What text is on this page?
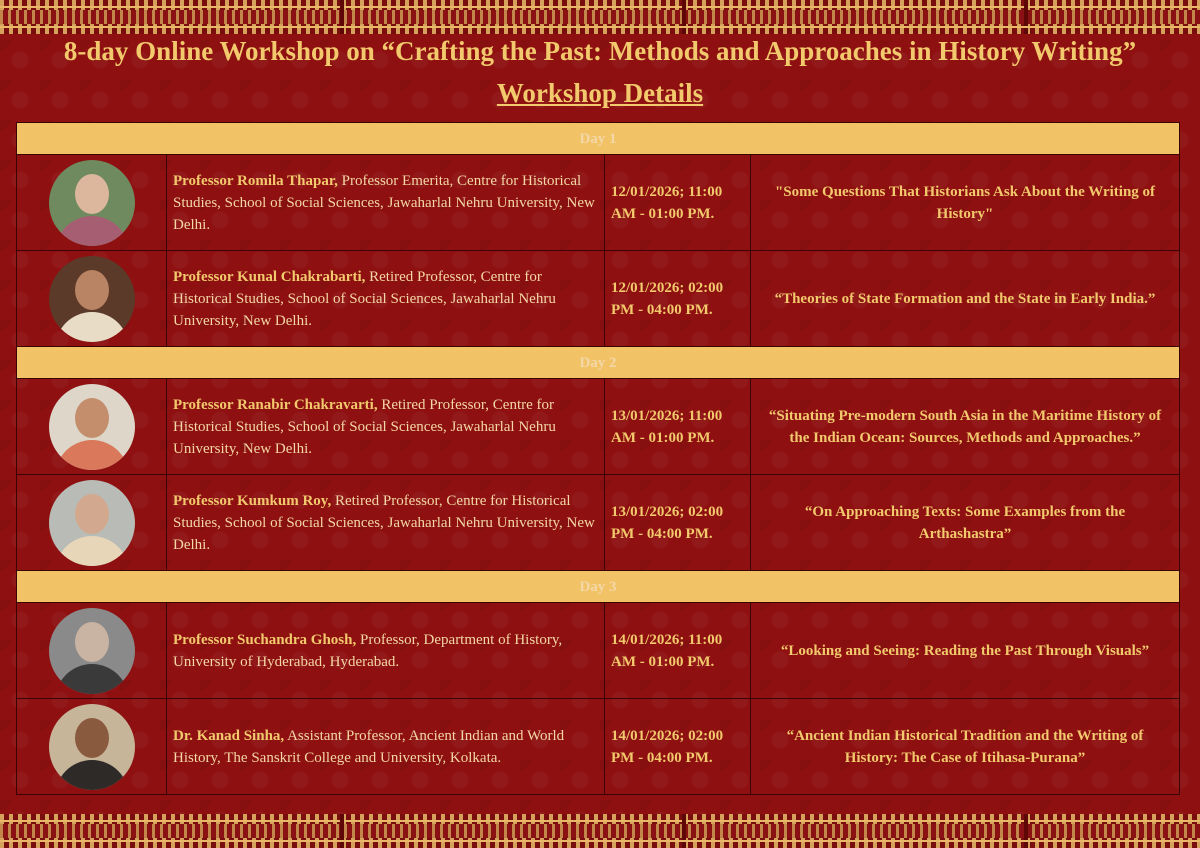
8-day Online Workshop on “Crafting the Past: Methods and Approaches in History Writing”
Workshop Details
Day 1			

	Professor Romila Thapar, Professor Emerita, Centre for Historical Studies, School of Social Sciences, Jawaharlal Nehru University, New Delhi.	12/01/2026; 11:00 AM - 01:00 PM.	"Some Questions That Historians Ask About the Writing of History"

	Professor Kunal Chakrabarti, Retired Professor, Centre for Historical Studies, School of Social Sciences, Jawaharlal Nehru University, New Delhi.	12/01/2026; 02:00 PM - 04:00 PM.	“Theories of State Formation and the State in Early India.”
Day 2			

	Professor Ranabir Chakravarti, Retired Professor, Centre for Historical Studies, School of Social Sciences, Jawaharlal Nehru University, New Delhi.	13/01/2026; 11:00 AM - 01:00 PM.	“Situating Pre-modern South Asia in the Maritime History of the Indian Ocean: Sources, Methods and Approaches.”

	Professor Kumkum Roy, Retired Professor, Centre for Historical Studies, School of Social Sciences, Jawaharlal Nehru University, New Delhi.	13/01/2026; 02:00 PM - 04:00 PM.	“On Approaching Texts: Some Examples from the Arthashastra”
Day 3			

	Professor Suchandra Ghosh, Professor, Department of History, University of Hyderabad, Hyderabad.	14/01/2026; 11:00 AM - 01:00 PM.	“Looking and Seeing: Reading the Past Through Visuals”

	Dr. Kanad Sinha, Assistant Professor, Ancient Indian and World History, The Sanskrit College and University, Kolkata.	14/01/2026; 02:00 PM - 04:00 PM.	“Ancient Indian Historical Tradition and the Writing of History: The Case of Itihasa-Purana”
